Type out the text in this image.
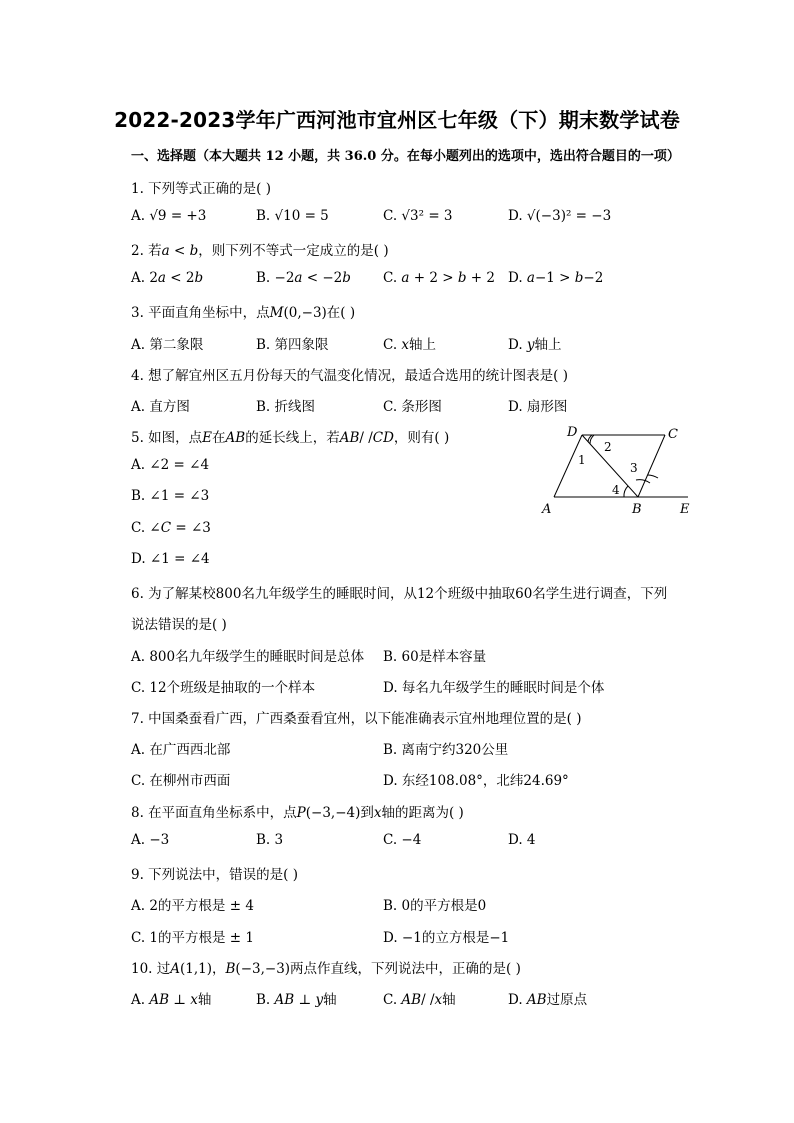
2022-2023学年广西河池市宜州区七年级（下）期末数学试卷
一、选择题（本大题共 12 小题，共 36.0 分。在每小题列出的选项中，选出符合题目的一项）
1. 下列等式正确的是( )
A. √9 = +3	B. √10 = 5	C. √3² = 3	D. √(−3)² = −3
2. 若𝑎 < 𝑏，则下列不等式一定成立的是( )
A. 2𝑎 < 2𝑏	B. −2𝑎 < −2𝑏 C. 𝑎 + 2 > 𝑏 + 2 D. 𝑎−1 > 𝑏−2
3. 平面直角坐标中，点𝑀(0,−3)在( )
A. 第二象限	B. 第四象限	C. 𝑥轴上	D. 𝑦轴上
4. 想了解宜州区五月份每天的气温变化情况，最适合选用的统计图表是( )
A. 直方图	B. 折线图	C. 条形图	D. 扇形图
5. 如图，点𝐸在𝐴𝐵的延长线上，若𝐴𝐵/ /𝐶𝐷，则有( )
A. ∠2 = ∠4
B. ∠1 = ∠3
C. ∠𝐶 = ∠3
D. ∠1 = ∠4
A	B	E
D	C
1
2
3
4
6. 为了解某校800名九年级学生的睡眠时间，从12个班级中抽取60名学生进行调查，下列
说法错误的是( )
A. 800名九年级学生的睡眠时间是总体 B. 60是样本容量
C. 12个班级是抽取的一个样本	D. 每名九年级学生的睡眠时间是个体
7. 中国桑蚕看广西，广西桑蚕看宜州，以下能准确表示宜州地理位置的是( )
A. 在广西西北部	B. 离南宁约320公里
C. 在柳州市西面	D. 东经108.08°，北纬24.69°
8. 在平面直角坐标系中，点𝑃(−3,−4)到𝑥轴的距离为( )
A. −3	B. 3	C. −4	D. 4
9. 下列说法中，错误的是( )
A. 2的平方根是 ± 4	B. 0的平方根是0
C. 1的平方根是 ± 1	D. −1的立方根是−1
10. 过𝐴(1,1)，𝐵(−3,−3)两点作直线，下列说法中，正确的是( )
A. 𝐴𝐵 ⊥ 𝑥轴	B. 𝐴𝐵 ⊥ 𝑦轴	C. 𝐴𝐵/ /𝑥轴	D. 𝐴𝐵过原点
